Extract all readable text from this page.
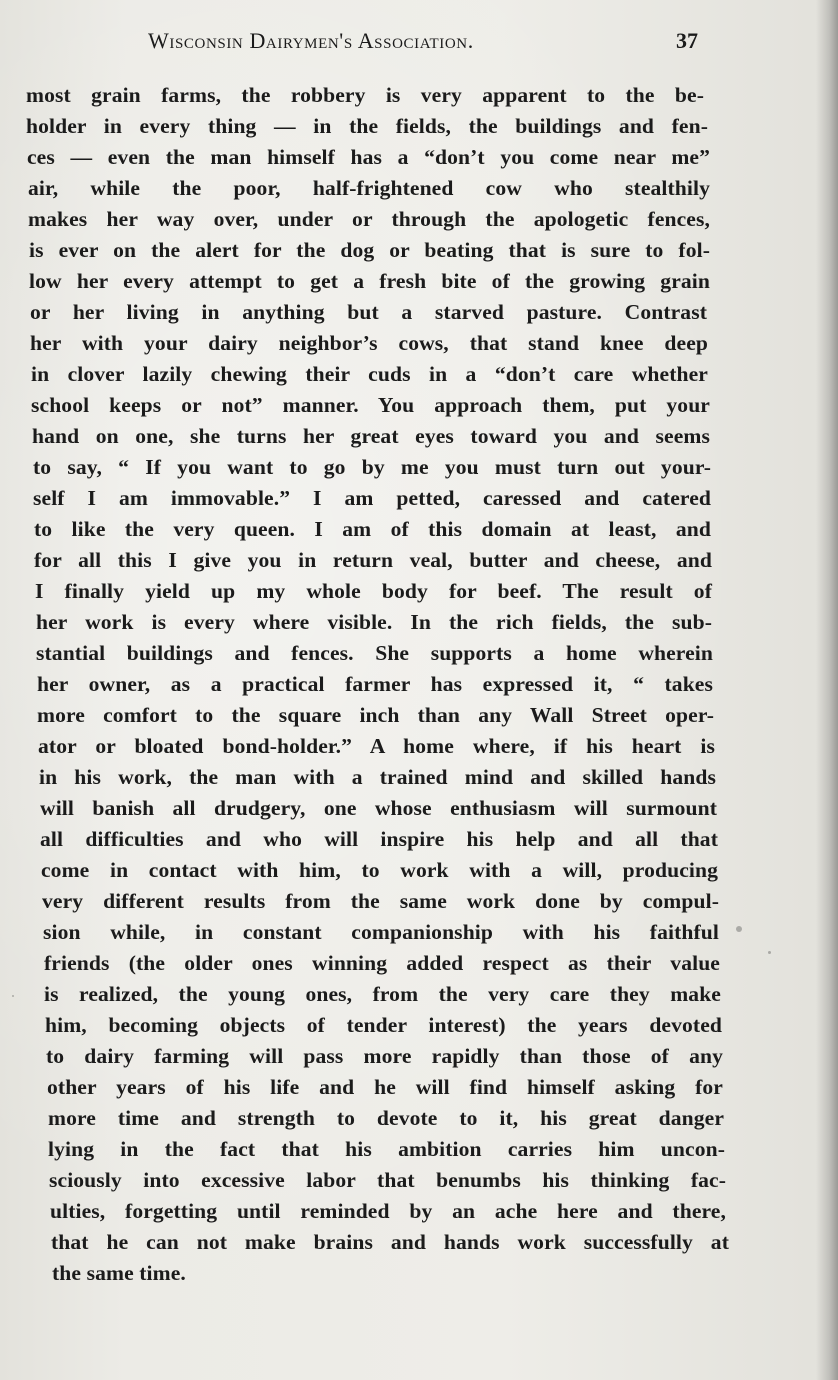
Wisconsin Dairymen's Association.	37
most grain farms, the robbery is very apparent to the be-
holder in every thing — in the fields, the buildings and fen-
ces — even the man himself has a “don’t you come near me”
air, while the poor, half-frightened cow who stealthily
makes her way over, under or through the apologetic fences,
is ever on the alert for the dog or beating that is sure to fol-
low her every attempt to get a fresh bite of the growing grain
or her living in anything but a starved pasture. Contrast
her with your dairy neighbor’s cows, that stand knee deep
in clover lazily chewing their cuds in a “don’t care whether
school keeps or not” manner. You approach them, put your
hand on one, she turns her great eyes toward you and seems
to say, “ If you want to go by me you must turn out your-
self I am immovable.” I am petted, caressed and catered
to like the very queen. I am of this domain at least, and
for all this I give you in return veal, butter and cheese, and
I finally yield up my whole body for beef. The result of
her work is every where visible. In the rich fields, the sub-
stantial buildings and fences. She supports a home wherein
her owner, as a practical farmer has expressed it, “ takes
more comfort to the square inch than any Wall Street oper-
ator or bloated bond-holder.” A home where, if his heart is
in his work, the man with a trained mind and skilled hands
will banish all drudgery, one whose enthusiasm will surmount
all difficulties and who will inspire his help and all that
come in contact with him, to work with a will, producing
very different results from the same work done by compul-
sion while, in constant companionship with his faithful
friends (the older ones winning added respect as their value
is realized, the young ones, from the very care they make
him, becoming objects of tender interest) the years devoted
to dairy farming will pass more rapidly than those of any
other years of his life and he will find himself asking for
more time and strength to devote to it, his great danger
lying in the fact that his ambition carries him uncon-
sciously into excessive labor that benumbs his thinking fac-
ulties, forgetting until reminded by an ache here and there,
that he can not make brains and hands work successfully at
the same time.
